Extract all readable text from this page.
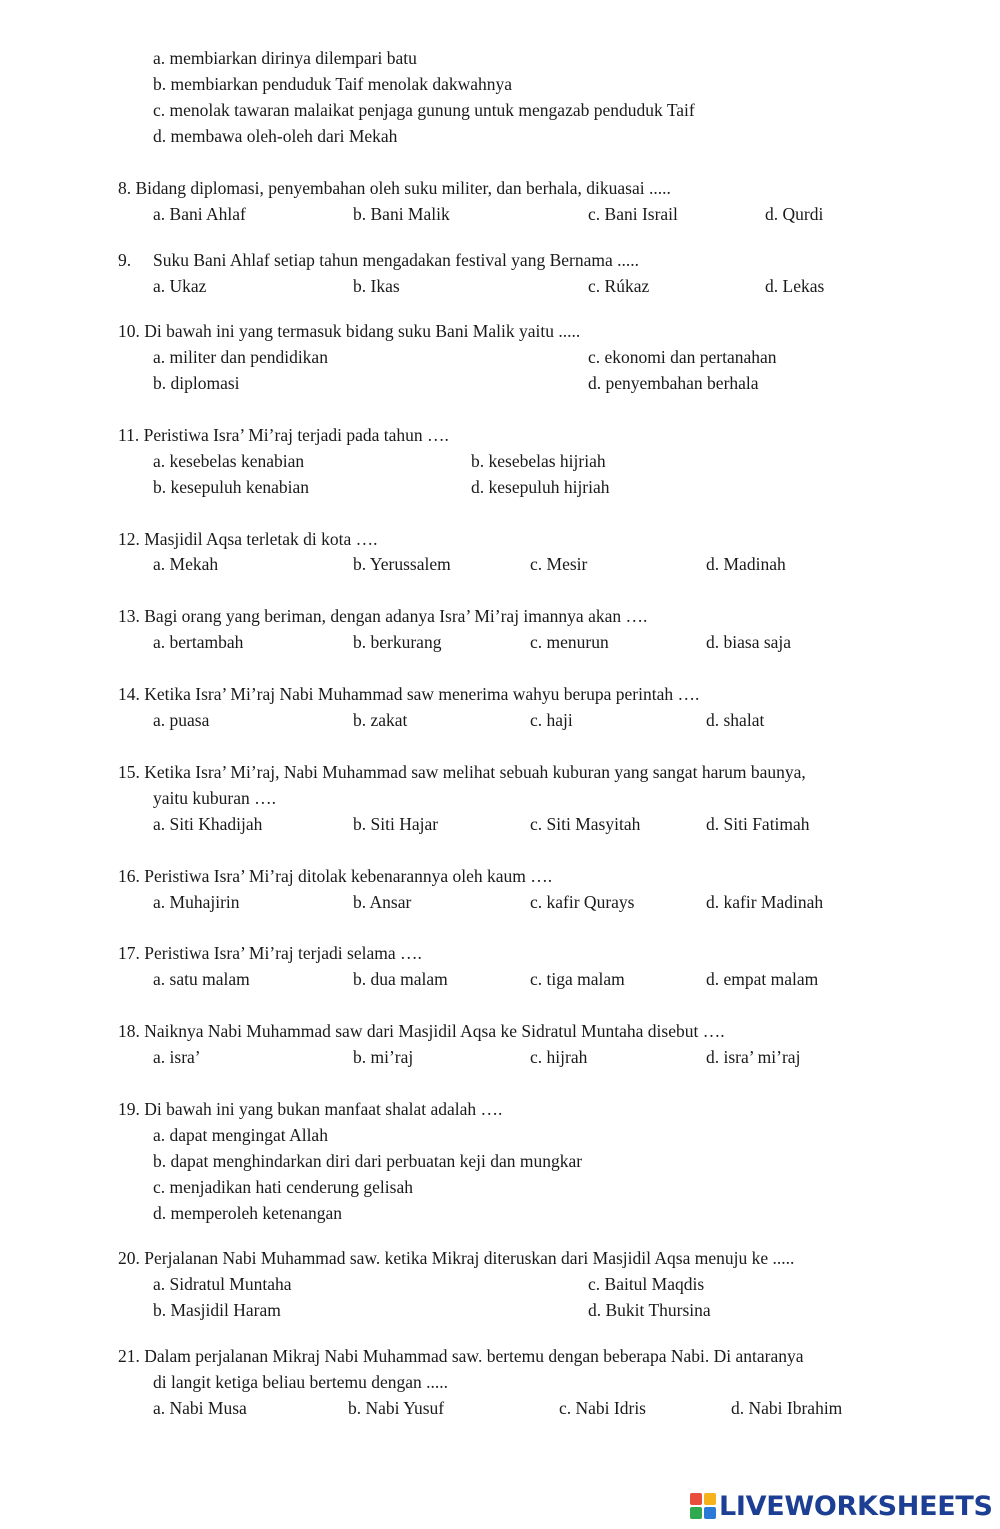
a. membiarkan dirinya dilempari batu
b. membiarkan penduduk Taif menolak dakwahnya
c. menolak tawaran malaikat penjaga gunung untuk mengazab penduduk Taif
d. membawa oleh-oleh dari Mekah
8. Bidang diplomasi, penyembahan oleh suku militer, dan berhala, dikuasai .....
a. Bani Ahlaf	b. Bani Malik	c. Bani Israil	d. Qurdi
9. Suku Bani Ahlaf setiap tahun mengadakan festival yang Bernama .....
a. Ukaz	b. Ikas	c. Rúkaz	d. Lekas
10. Di bawah ini yang termasuk bidang suku Bani Malik yaitu .....
a. militer dan pendidikan	c. ekonomi dan pertanahan
b. diplomasi	d. penyembahan berhala
11. Peristiwa Isra’ Mi’raj terjadi pada tahun ….
a. kesebelas kenabian	b. kesebelas hijriah
b. kesepuluh kenabian	d. kesepuluh hijriah
12. Masjidil Aqsa terletak di kota ….
a. Mekah	b. Yerussalem	c. Mesir	d. Madinah
13. Bagi orang yang beriman, dengan adanya Isra’ Mi’raj imannya akan ….
a. bertambah	b. berkurang	c. menurun	d. biasa saja
14. Ketika Isra’ Mi’raj Nabi Muhammad saw menerima wahyu berupa perintah ….
a. puasa	b. zakat	c. haji	d. shalat
15. Ketika Isra’ Mi’raj, Nabi Muhammad saw melihat sebuah kuburan yang sangat harum baunya,
yaitu kuburan ….
a. Siti Khadijah	b. Siti Hajar	c. Siti Masyitah	d. Siti Fatimah
16. Peristiwa Isra’ Mi’raj ditolak kebenarannya oleh kaum ….
a. Muhajirin	b. Ansar	c. kafir Qurays	d. kafir Madinah
17. Peristiwa Isra’ Mi’raj terjadi selama ….
a. satu malam	b. dua malam	c. tiga malam	d. empat malam
18. Naiknya Nabi Muhammad saw dari Masjidil Aqsa ke Sidratul Muntaha disebut ….
a. isra’	b. mi’raj	c. hijrah	d. isra’ mi’raj
19. Di bawah ini yang bukan manfaat shalat adalah ….
a. dapat mengingat Allah
b. dapat menghindarkan diri dari perbuatan keji dan mungkar
c. menjadikan hati cenderung gelisah
d. memperoleh ketenangan
20. Perjalanan Nabi Muhammad saw. ketika Mikraj diteruskan dari Masjidil Aqsa menuju ke .....
a. Sidratul Muntaha	c. Baitul Maqdis
b. Masjidil Haram	d. Bukit Thursina
21. Dalam perjalanan Mikraj Nabi Muhammad saw. bertemu dengan beberapa Nabi. Di antaranya
di langit ketiga beliau bertemu dengan .....
a. Nabi Musa	b. Nabi Yusuf	c. Nabi Idris	d. Nabi Ibrahim
LIVEWORKSHEETS
